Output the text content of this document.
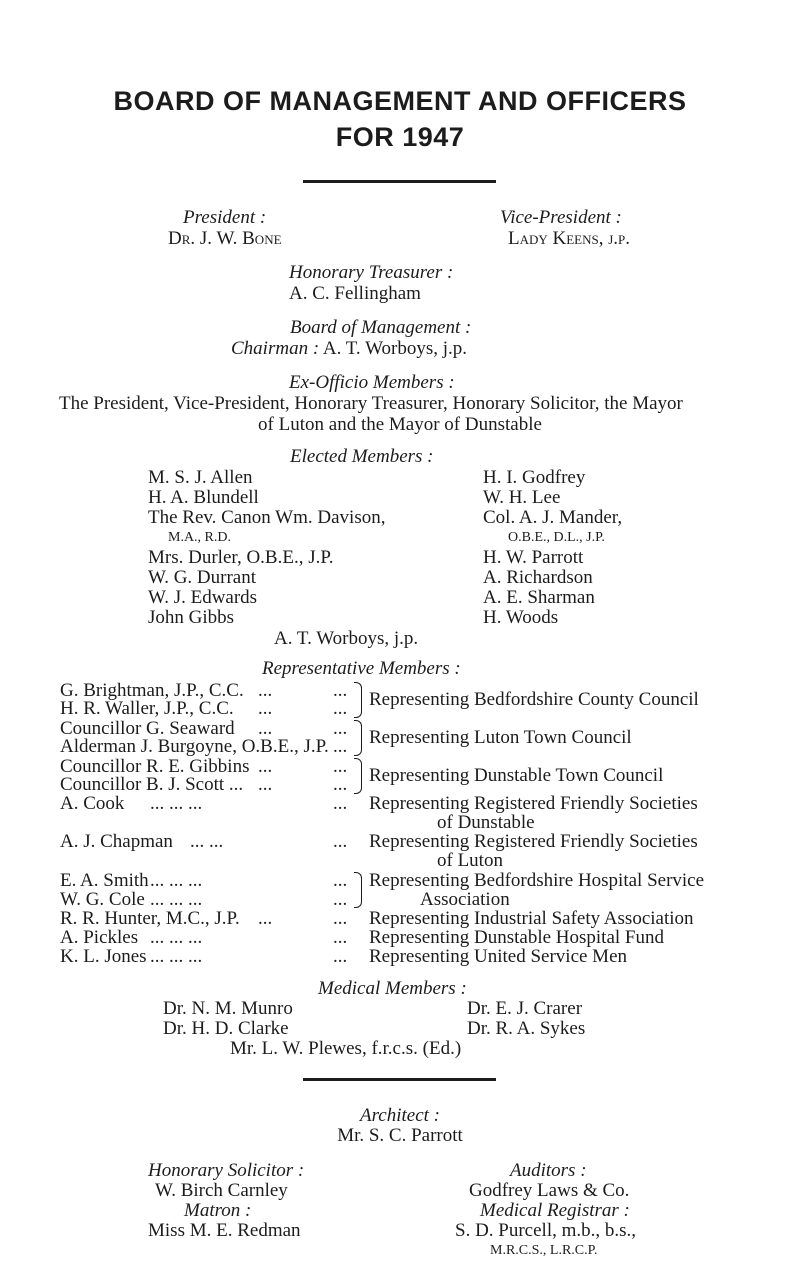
BOARD OF MANAGEMENT AND OFFICERS
FOR 1947
President :
Dr. J. W. Bone
Vice-President :
Lady Keens, j.p.
Honorary Treasurer :
A. C. Fellingham
Board of Management :
Chairman : A. T. Worboys, j.p.
Ex-Officio Members :
The President, Vice-President, Honorary Treasurer, Honorary Solicitor, the Mayor
of Luton and the Mayor of Dunstable
Elected Members :
M. S. J. Allen
H. A. Blundell
The Rev. Canon Wm. Davison,
M.A., R.D.
Mrs. Durler, O.B.E., J.P.
W. G. Durrant
W. J. Edwards
John Gibbs
H. I. Godfrey
W. H. Lee
Col. A. J. Mander,
O.B.E., D.L., J.P.
H. W. Parrott
A. Richardson
A. E. Sharman
H. Woods
A. T. Worboys, j.p.
Representative Members :
G. Brightman, J.P., C.C.
H. R. Waller, J.P., C.C.
Councillor G. Seaward
Alderman J. Burgoyne, O.B.E., J.P.
Councillor R. E. Gibbins
Councillor B. J. Scott ...
A. Cook
A. J. Chapman
E. A. Smith
W. G. Cole
R. R. Hunter, M.C., J.P.
A. Pickles
K. L. Jones
...
...
...
...
...
... ... ...
... ...
... ... ...
... ... ...
...
... ... ...
... ... ...
...
...
...
...
...
...
...
...
...
...
...
...
...
Representing Bedfordshire County Council
Representing Luton Town Council
Representing Dunstable Town Council
Representing Registered Friendly Societies
of Dunstable
Representing Registered Friendly Societies
of Luton
Representing Bedfordshire Hospital Service
Association
Representing Industrial Safety Association
Representing Dunstable Hospital Fund
Representing United Service Men
Medical Members :
Dr. N. M. Munro
Dr. H. D. Clarke
Dr. E. J. Crarer
Dr. R. A. Sykes
Mr. L. W. Plewes, f.r.c.s. (Ed.)
Architect :
Mr. S. C. Parrott
Honorary Solicitor :
W. Birch Carnley
Matron :
Miss M. E. Redman
Auditors :
Godfrey Laws & Co.
Medical Registrar :
S. D. Purcell, m.b., b.s.,
M.R.C.S., L.R.C.P.
